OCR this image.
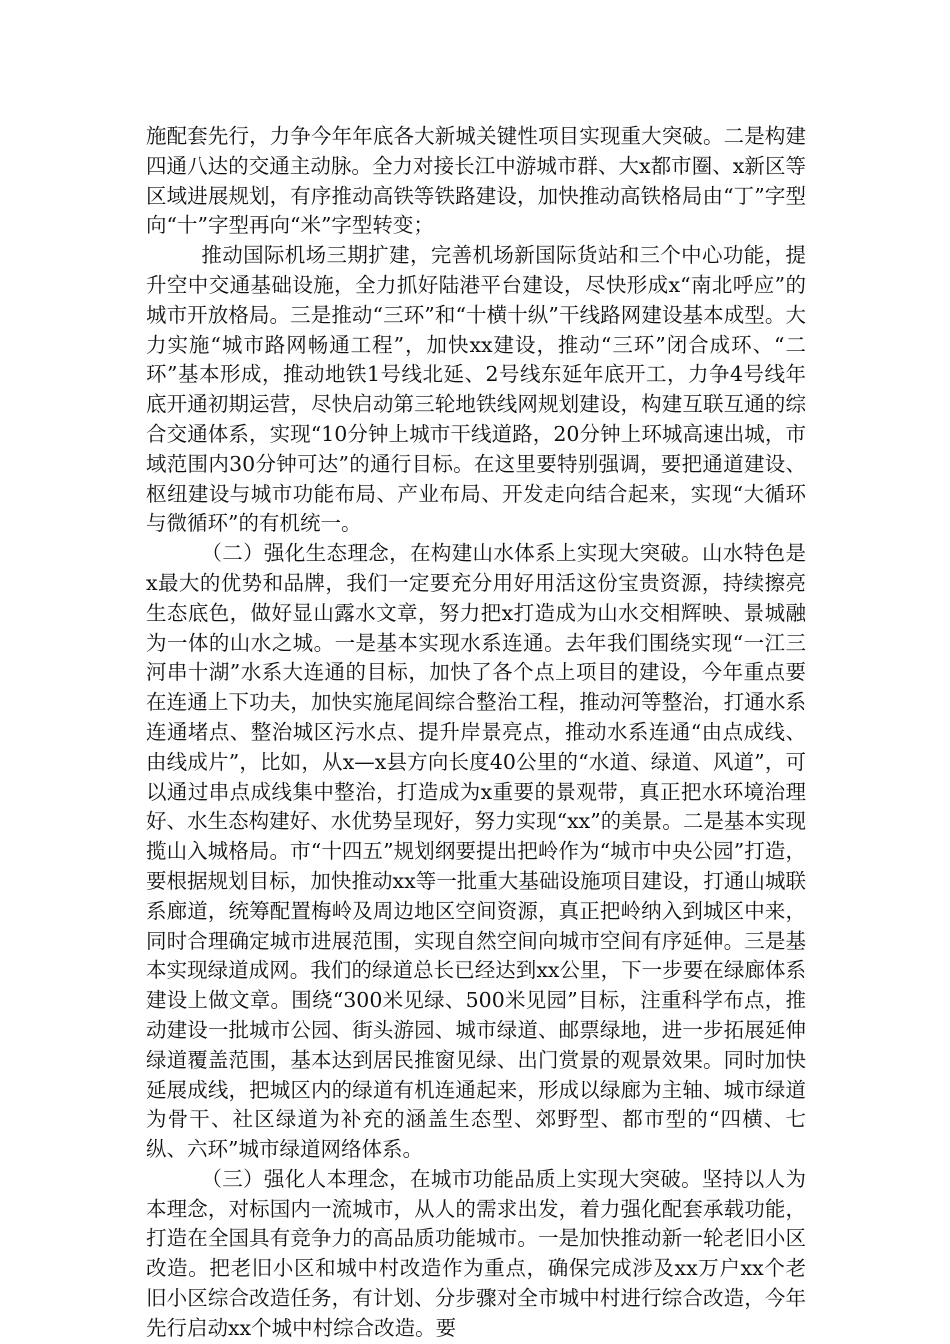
施配套先行，力争今年年底各大新城关键性项目实现重大突破。二是构建四通八达的交通主动脉。全力对接长江中游城市群、大x都市圈、x新区等区域进展规划，有序推动高铁等铁路建设，加快推动高铁格局由“丁”字型向“十”字型再向“米”字型转变；

推动国际机场三期扩建，完善机场新国际货站和三个中心功能，提升空中交通基础设施，全力抓好陆港平台建设，尽快形成x“南北呼应”的城市开放格局。三是推动“三环”和“十横十纵”干线路网建设基本成型。大力实施“城市路网畅通工程”，加快xx建设，推动“三环”闭合成环、“二环”基本形成，推动地铁1号线北延、2号线东延年底开工，力争4号线年底开通初期运营，尽快启动第三轮地铁线网规划建设，构建互联互通的综合交通体系，实现“10分钟上城市干线道路，20分钟上环城高速出城，市域范围内30分钟可达”的通行目标。在这里要特别强调，要把通道建设、枢纽建设与城市功能布局、产业布局、开发走向结合起来，实现“大循环与微循环”的有机统一。

（二）强化生态理念，在构建山水体系上实现大突破。山水特色是x最大的优势和品牌，我们一定要充分用好用活这份宝贵资源，持续擦亮生态底色，做好显山露水文章，努力把x打造成为山水交相辉映、景城融为一体的山水之城。一是基本实现水系连通。去年我们围绕实现“一江三河串十湖”水系大连通的目标，加快了各个点上项目的建设，今年重点要在连通上下功夫，加快实施尾闾综合整治工程，推动河等整治，打通水系连通堵点、整治城区污水点、提升岸景亮点，推动水系连通“由点成线、由线成片”，比如，从x—x县方向长度40公里的“水道、绿道、风道”，可以通过串点成线集中整治，打造成为x重要的景观带，真正把水环境治理好、水生态构建好、水优势呈现好，努力实现“xx”的美景。二是基本实现揽山入城格局。市“十四五”规划纲要提出把岭作为“城市中央公园”打造，要根据规划目标，加快推动xx等一批重大基础设施项目建设，打通山城联系廊道，统筹配置梅岭及周边地区空间资源，真正把岭纳入到城区中来，同时合理确定城市进展范围，实现自然空间向城市空间有序延伸。三是基本实现绿道成网。我们的绿道总长已经达到xx公里，下一步要在绿廊体系建设上做文章。围绕“300米见绿、500米见园”目标，注重科学布点，推动建设一批城市公园、街头游园、城市绿道、邮票绿地，进一步拓展延伸绿道覆盖范围，基本达到居民推窗见绿、出门赏景的观景效果。同时加快延展成线，把城区内的绿道有机连通起来，形成以绿廊为主轴、城市绿道为骨干、社区绿道为补充的涵盖生态型、郊野型、都市型的“四横、七纵、六环”城市绿道网络体系。

（三）强化人本理念，在城市功能品质上实现大突破。坚持以人为本理念，对标国内一流城市，从人的需求出发，着力强化配套承载功能，打造在全国具有竞争力的高品质功能城市。一是加快推动新一轮老旧小区改造。把老旧小区和城中村改造作为重点，确保完成涉及xx万户xx个老旧小区综合改造任务，有计划、分步骤对全市城中村进行综合改造，今年先行启动xx个城中村综合改造。要
